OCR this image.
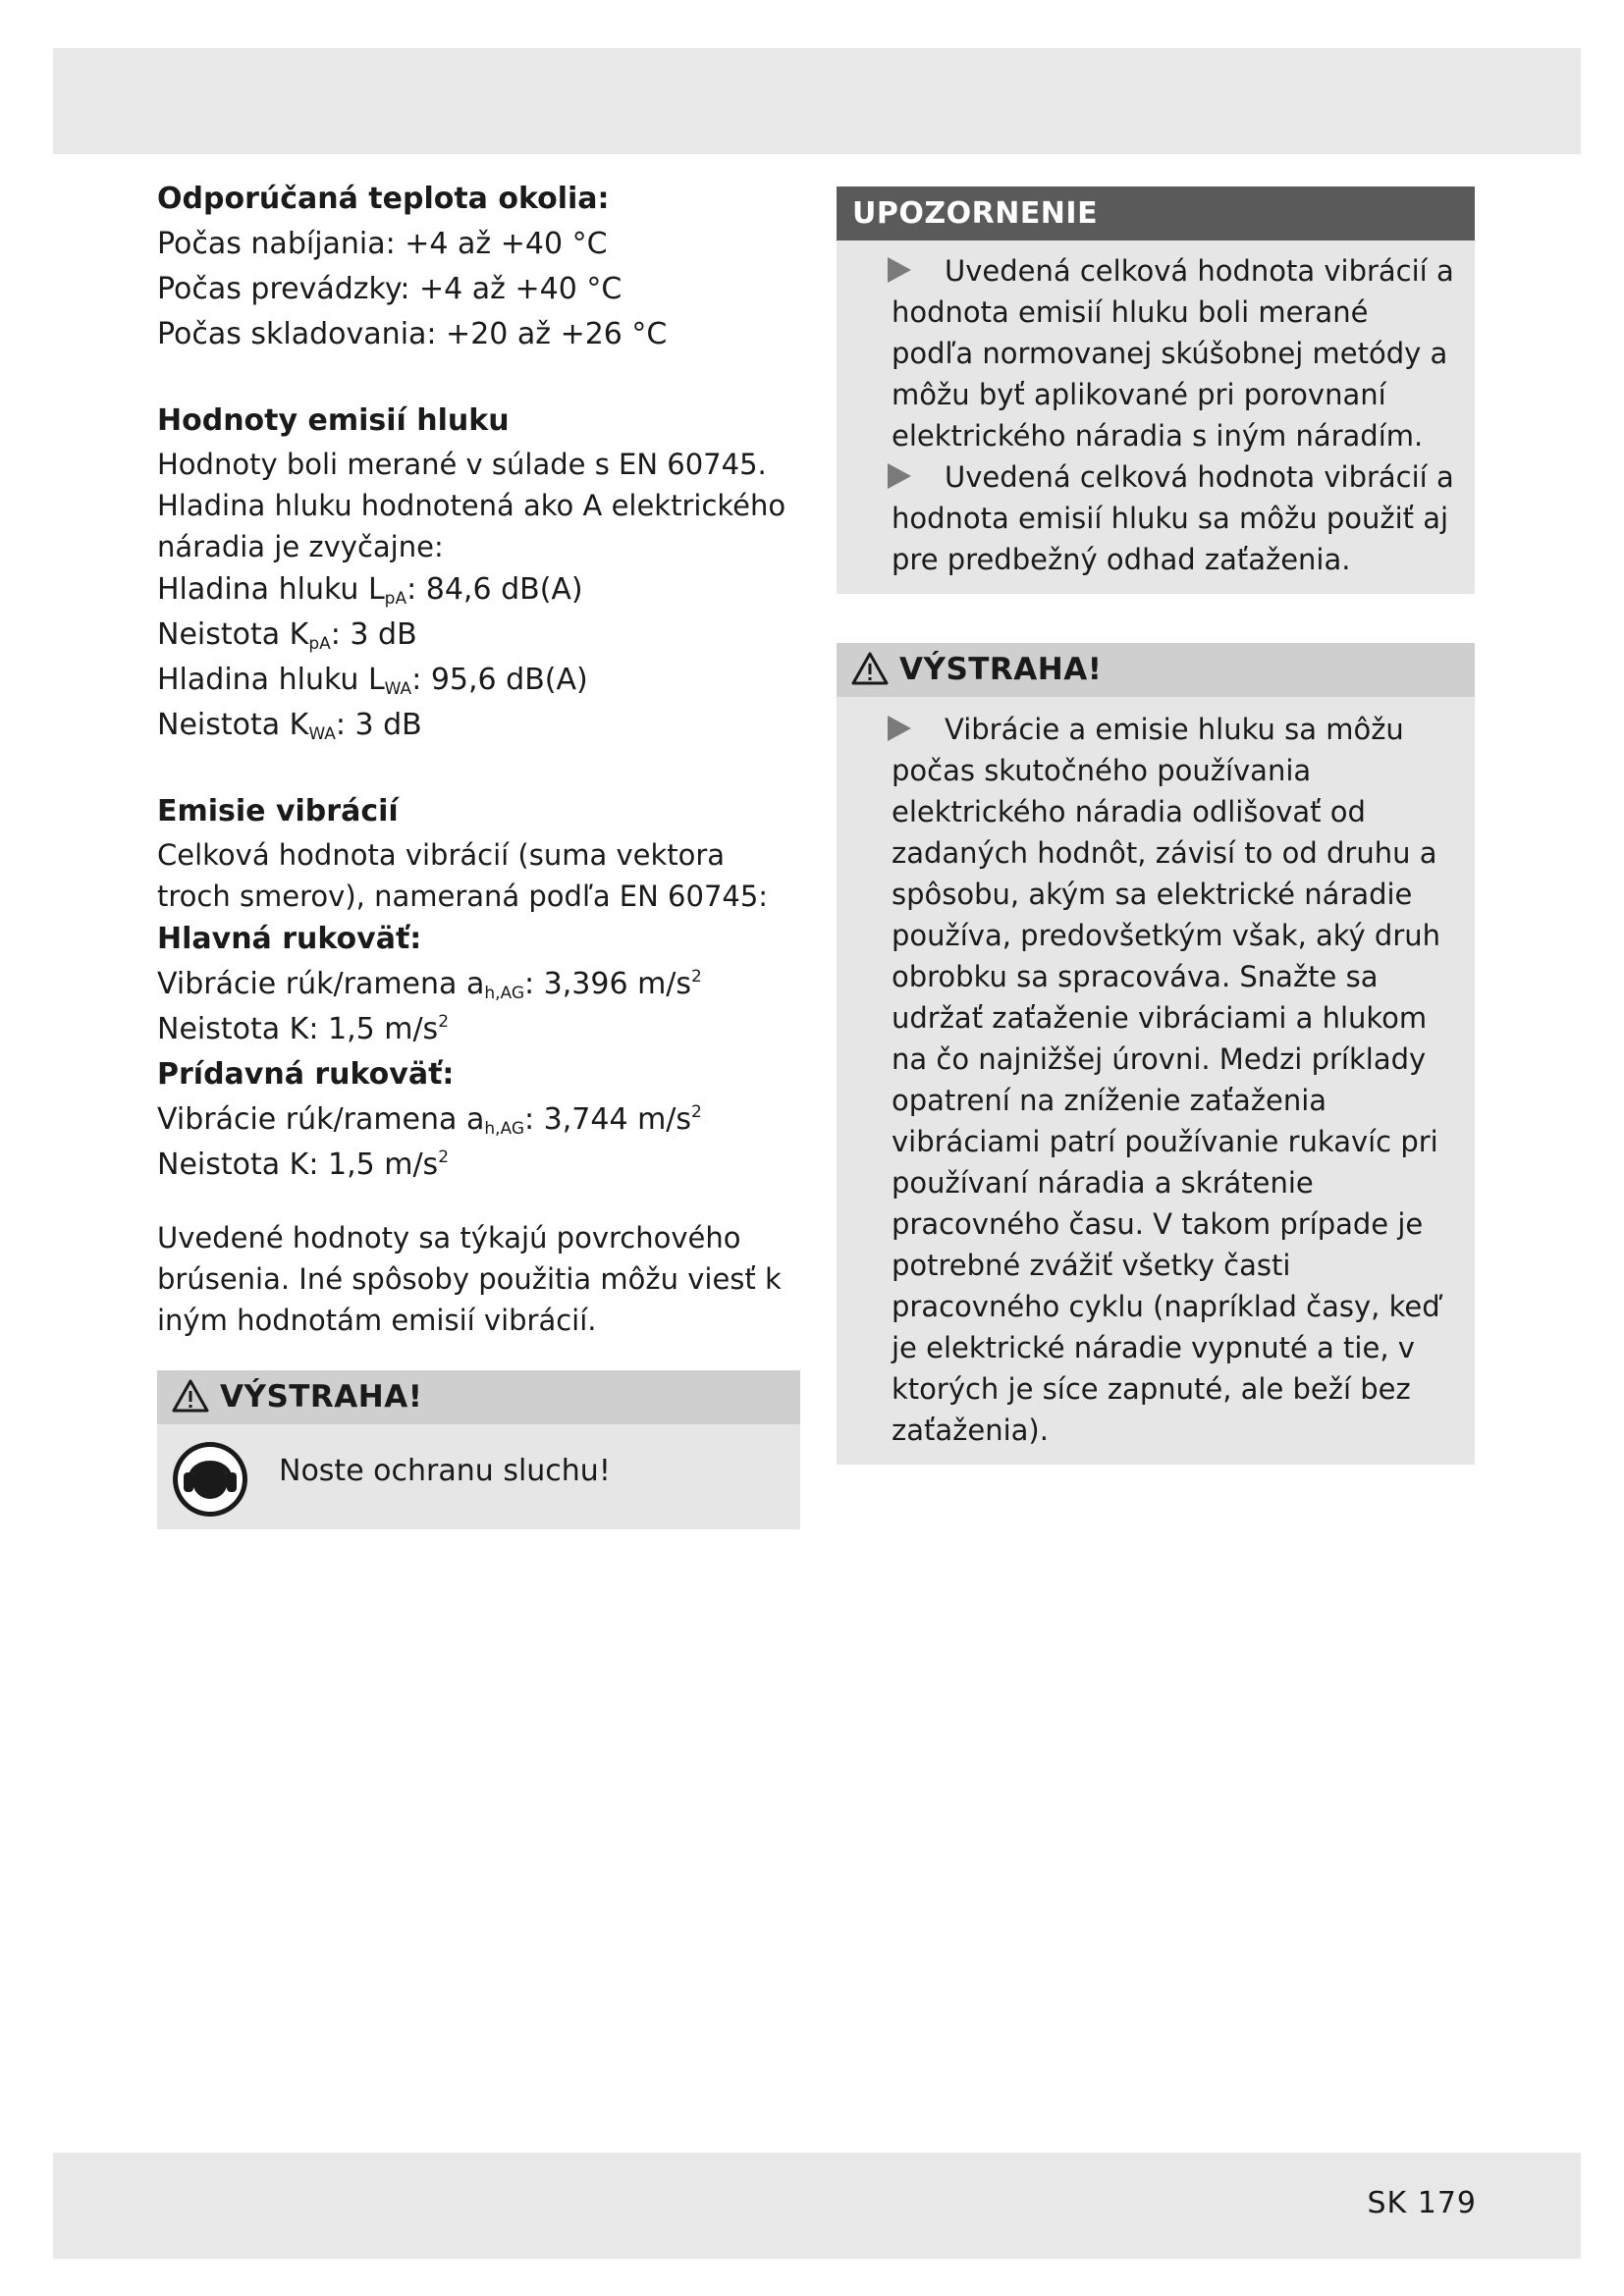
Odporúčaná teplota okolia:

Počas nabíjania: +4 až +40 °C

Počas prevádzky: +4 až +40 °C

Počas skladovania: +20 až +26 °C

Hodnoty emisií hluku

Hodnoty boli merané v súlade s EN 60745. Hladina hluku hodnotená ako A elektrického náradia je zvyčajne:

Hladina hluku $L_{pA}$: 84,6 dB(A)

Neistota $K_{pA}$: 3 dB

Hladina hluku $L_{WA}$: 95,6 dB(A)

Neistota $K_{WA}$: 3 dB

Emisie vibrácií

Celková hodnota vibrácií (suma vektora troch smerov), nameraná podľa EN 60745:

Hlavná rukoväť:

Vibrácie rúk/ramena $a_{h,AG}$: 3,396 $m/s^2$

Neistota K: 1,5 $m/s^2$

Prídavná rukoväť:

Vibrácie rúk/ramena $a_{h,AG}$: 3,744 $m/s^2$

Neistota K: 1,5 $m/s^2$

Uvedené hodnoty sa týkajú povrchového brúsenia. Iné spôsoby použitia môžu viesť k iným hodnotám emisií vibrácií.

VÝSTRAHA!
Noste ochranu sluchu!
UPOZORNENIE

Uvedená celková hodnota vibrácií a hodnota emisií hluku boli merané podľa normovanej skúšobnej metódy a môžu byť aplikované pri porovnaní elektrického náradia s iným náradím.

Uvedená celková hodnota vibrácií a hodnota emisií hluku sa môžu použiť aj pre predbežný odhad zaťaženia.

VÝSTRAHA!

Vibrácie a emisie hluku sa môžu počas skutočného používania elektrického náradia odlišovať od zadaných hodnôt, závisí to od druhu a spôsobu, akým sa elektrické náradie používa, predovšetkým však, aký druh obrobku sa spracováva. Snažte sa udržať zaťaženie vibráciami a hlukom na čo najnižšej úrovni. Medzi príklady opatrení na zníženie zaťaženia vibráciami patrí používanie rukavíc pri používaní náradia a skrátenie pracovného času. V takom prípade je potrebné zvážiť všetky časti pracovného cyklu (napríklad časy, keď je elektrické náradie vypnuté a tie, v ktorých je síce zapnuté, ale beží bez zaťaženia).

SK 179
